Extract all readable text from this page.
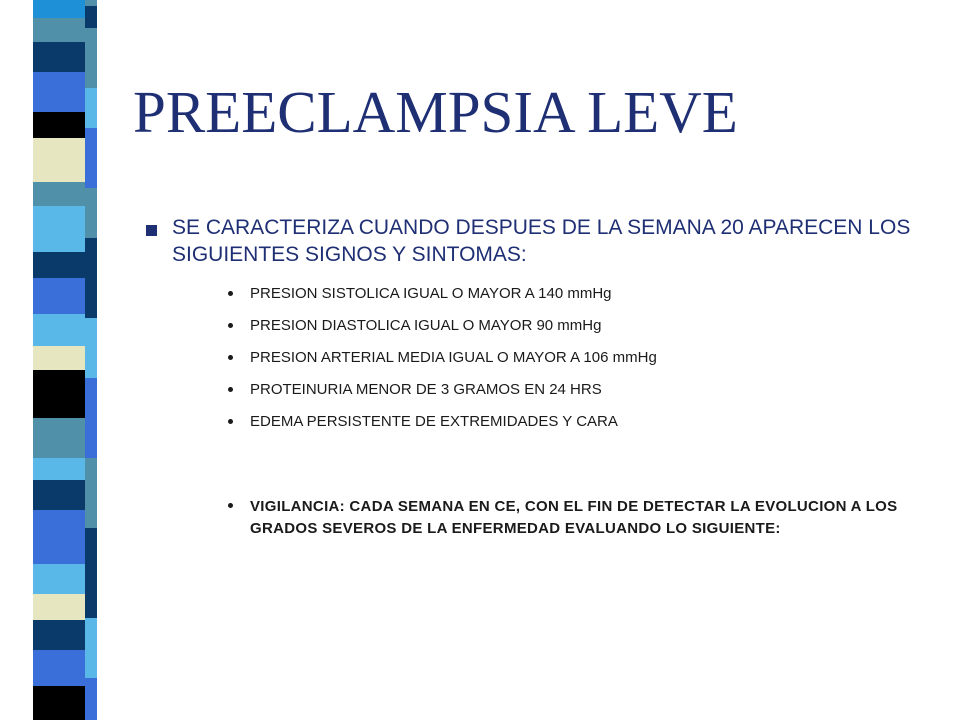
PREECLAMPSIA LEVE
SE CARACTERIZA CUANDO DESPUES DE LA SEMANA 20 APARECEN LOS SIGUIENTES SIGNOS Y SINTOMAS:
PRESION SISTOLICA IGUAL O MAYOR A 140 mmHg
PRESION DIASTOLICA IGUAL O MAYOR 90 mmHg
PRESION ARTERIAL MEDIA IGUAL O MAYOR A 106 mmHg
PROTEINURIA MENOR DE 3 GRAMOS EN 24 HRS
EDEMA PERSISTENTE DE EXTREMIDADES Y CARA
VIGILANCIA: CADA SEMANA EN CE, CON EL FIN DE DETECTAR LA EVOLUCION A LOS GRADOS SEVEROS DE LA ENFERMEDAD EVALUANDO LO SIGUIENTE:
